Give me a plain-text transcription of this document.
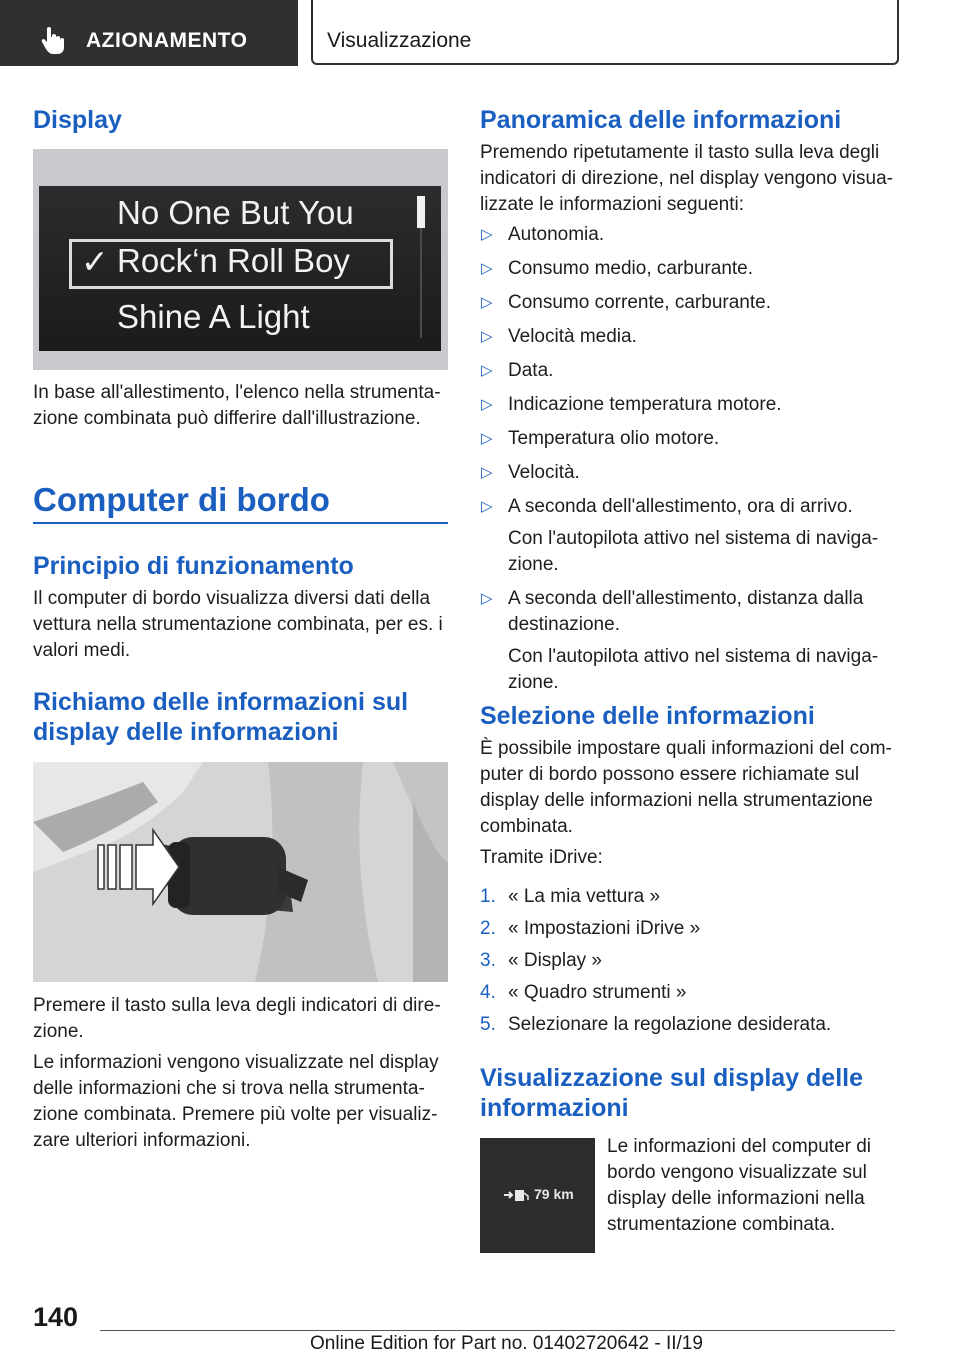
AZIONAMENTO	Visualizzazione
Display
No One But You
✓ Rock‘n Roll Boy
Shine A Light

In base all'allestimento, l'elenco nella strumentazione combinata può differire dall'illustrazione.

Computer di bordo
Principio di funzionamento

Il computer di bordo visualizza diversi dati della vettura nella strumentazione combinata, per es. i valori medi.

Richiamo delle informazioni sul display delle informazioni

Premere il tasto sulla leva degli indicatori di direzione.

Le informazioni vengono visualizzate nel display delle informazioni che si trova nella strumentazione combinata. Premere più volte per visualizzare ulteriori informazioni.

Panoramica delle informazioni

Premendo ripetutamente il tasto sulla leva degli indicatori di direzione, nel display vengono visualizzate le informazioni seguenti:

▷ Autonomia.
▷ Consumo medio, carburante.
▷ Consumo corrente, carburante.
▷ Velocità media.
▷ Data.
▷ Indicazione temperatura motore.
▷ Temperatura olio motore.
▷ Velocità.
▷ A seconda dell'allestimento, ora di arrivo.
Con l'autopilota attivo nel sistema di navigazione.
▷ A seconda dell'allestimento, distanza dalla destinazione.
Con l'autopilota attivo nel sistema di navigazione.
Selezione delle informazioni

È possibile impostare quali informazioni del computer di bordo possono essere richiamate sul display delle informazioni nella strumentazione combinata.

Tramite iDrive:

1. « La mia vettura »
2. « Impostazioni iDrive »
3. « Display »
4. « Quadro strumenti »
5. Selezionare la regolazione desiderata.
Visualizzazione sul display delle informazioni
79 km

Le informazioni del computer di bordo vengono visualizzate sul display delle informazioni nella strumentazione combinata.

140
Online Edition for Part no. 01402720642 - II/19
